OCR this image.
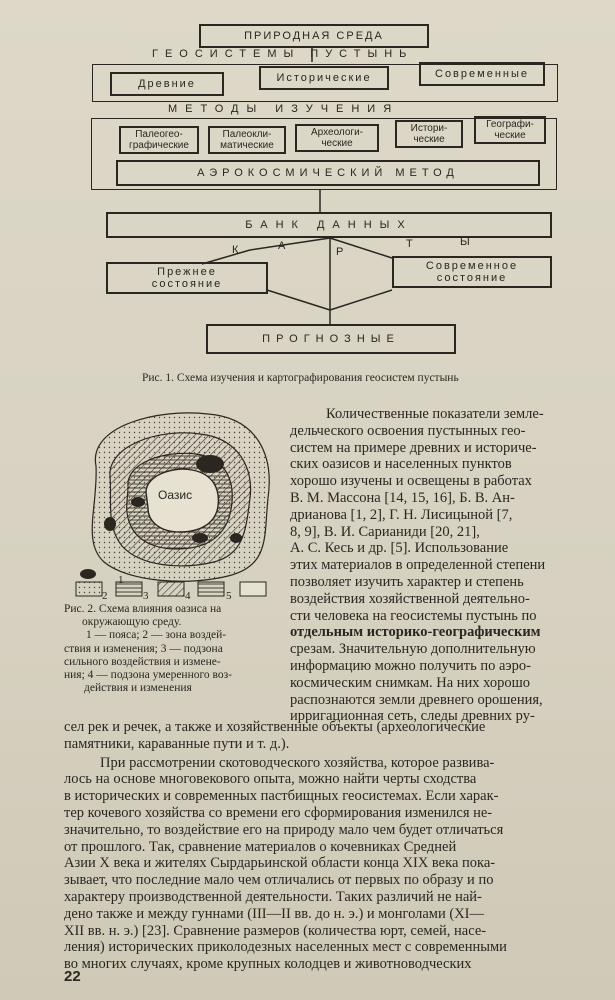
ПРИРОДНАЯ СРЕДА
ГЕОСИСТЕМЫ ПУСТЫНЬ
Древние	Исторические	Современные
МЕТОДЫ ИЗУЧЕНИЯ
Палеогео-
графические
Палеокли-
матические
Археологи-
ческие
Истори-
ческие
Географи-
ческие
АЭРОКОСМИЧЕСКИЙ МЕТОД
БАНК ДАННЫХ
К	А	Р
Т	Ы
Прежнее
состояние
Современное
состояние
ПРОГНОЗНЫЕ
Рис. 1. Схема изучения и картографирования геосистем пустынь
Оазис
1
2	3	4	5

Рис. 2. Схема влияния оазиса на

окружающую среду.

1 — пояса; 2 — зона воздей-

ствия и изменения; 3 — подзона

сильного воздействия и измене-

ния; 4 — подзона умеренного воз-

действия и изменения

Количественные показатели земле-

дельческого освоения пустынных гео-

систем на примере древних и историче-

ских оазисов и населенных пунктов

хорошо изучены и освещены в работах

В. М. Массона [14, 15, 16], Б. В. Ан-

дрианова [1, 2], Г. Н. Лисицыной [7,

8, 9], В. И. Сарианиди [20, 21],

А. С. Кесь и др. [5]. Использование

этих материалов в определенной степени

позволяет изучить характер и степень

воздействия хозяйственной деятельно-

сти человека на геосистемы пустынь по

отдельным историко-географическим

срезам. Значительную дополнительную

информацию можно получить по аэро-

космическим снимкам. На них хорошо

распознаются земли древнего орошения,

ирригационная сеть, следы древних ру-

сел рек и речек, а также и хозяйственные объекты (археологические

памятники, караванные пути и т. д.).

При рассмотрении скотоводческого хозяйства, которое развива-

лось на основе многовекового опыта, можно найти черты сходства

в исторических и современных пастбищных геосистемах. Если харак-

тер кочевого хозяйства со времени его сформирования изменился не-

значительно, то воздействие его на природу мало чем будет отличаться

от прошлого. Так, сравнение материалов о кочевниках Средней

Азии X века и жителях Сырдарьинской области конца XIX века пока-

зывает, что последние мало чем отличались от первых по образу и по

характеру производственной деятельности. Таких различий не най-

дено также и между гуннами (III—II вв. до н. э.) и монголами (XI—

XII вв. н. э.) [23]. Сравнение размеров (количества юрт, семей, насе-

ления) исторических прикол​одезных населенных мест с современными

во многих случаях, кроме крупных колодцев и животноводческих

22
